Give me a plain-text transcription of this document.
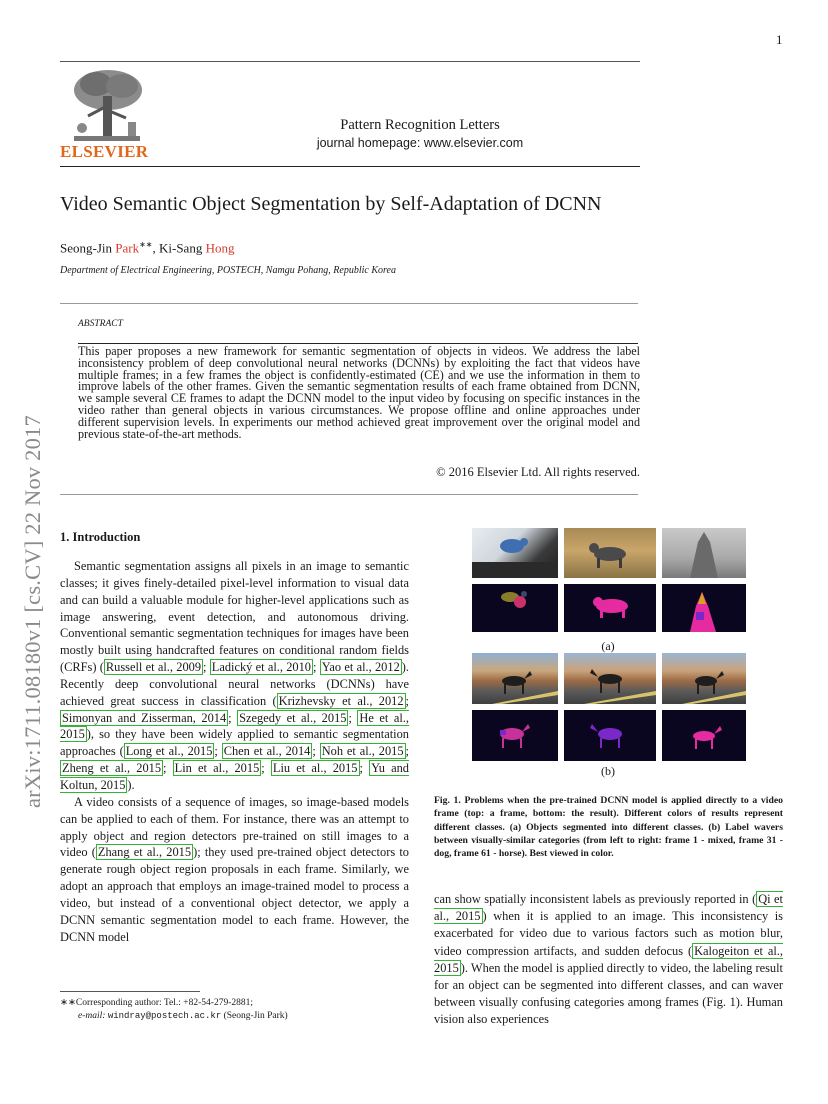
1
ELSEVIER
Pattern Recognition Letters
journal homepage: www.elsevier.com
Video Semantic Object Segmentation by Self-Adaptation of DCNN
Seong-Jin Park∗∗, Ki-Sang Hong
Department of Electrical Engineering, POSTECH, Namgu Pohang, Republic Korea
ABSTRACT
This paper proposes a new framework for semantic segmentation of objects in videos. We address the label inconsistency problem of deep convolutional neural networks (DCNNs) by exploiting the fact that videos have multiple frames; in a few frames the object is confidently-estimated (CE) and we use the information in them to improve labels of the other frames. Given the semantic segmentation results of each frame obtained from DCNN, we sample several CE frames to adapt the DCNN model to the input video by focusing on specific instances in the video rather than general objects in various circumstances. We propose offline and online approaches under different supervision levels. In experiments our method achieved great improvement over the original model and previous state-of-the-art methods.
© 2016 Elsevier Ltd. All rights reserved.
1. Introduction

Semantic segmentation assigns all pixels in an image to semantic classes; it gives finely-detailed pixel-level information to visual data and can build a valuable module for higher-level applications such as image answering, event detection, and autonomous driving. Conventional semantic segmentation techniques for images have been mostly built using handcrafted features on conditional random fields (CRFs) ( Russell et al., 2009 ; Ladický et al., 2010 ; Yao et al., 2012 ). Recently deep convolutional neural networks (DCNNs) have achieved great success in classification ( Krizhevsky et al., 2012 ; Simonyan and Zisserman, 2014 ; Szegedy et al., 2015 ; He et al., 2015 ), so they have been widely applied to semantic segmentation approaches ( Long et al., 2015 ; Chen et al., 2014 ; Noh et al., 2015 ; Zheng et al., 2015 ; Lin et al., 2015 ; Liu et al., 2015 ; Yu and Koltun, 2015 ).

A video consists of a sequence of images, so image-based models can be applied to each of them. For instance, there was an attempt to apply object and region detectors pre-trained on still images to a video ( Zhang et al., 2015 ); they used pre-trained object detectors to generate rough object region proposals in each frame. Similarly, we adopt an approach that employs an image-trained model to process a video, but instead of a conventional object detector, we apply a DCNN semantic segmentation model to each frame. However, the DCNN model

∗∗Corresponding author: Tel.: +82-54-279-2881;
e-mail: windray@postech.ac.kr (Seong-Jin Park)
(a)
(b)
Fig. 1. Problems when the pre-trained DCNN model is applied directly to a video frame (top: a frame, bottom: the result). Different colors of results represent different classes. (a) Objects segmented into different classes. (b) Label wavers between visually-similar categories (from left to right: frame 1 - mixed, frame 31 - dog, frame 61 - horse). Best viewed in color.
can show spatially inconsistent labels as previously reported in ( Qi et al., 2015 ) when it is applied to an image. This inconsistency is exacerbated for video due to various factors such as motion blur, video compression artifacts, and sudden defocus ( Kalogeiton et al., 2015 ). When the model is applied directly to video, the labeling result for an object can be segmented into different classes, and can waver between visually confusing categories among frames (Fig. 1). Human vision also experiences
arXiv:1711.08180v1 [cs.CV] 22 Nov 2017
